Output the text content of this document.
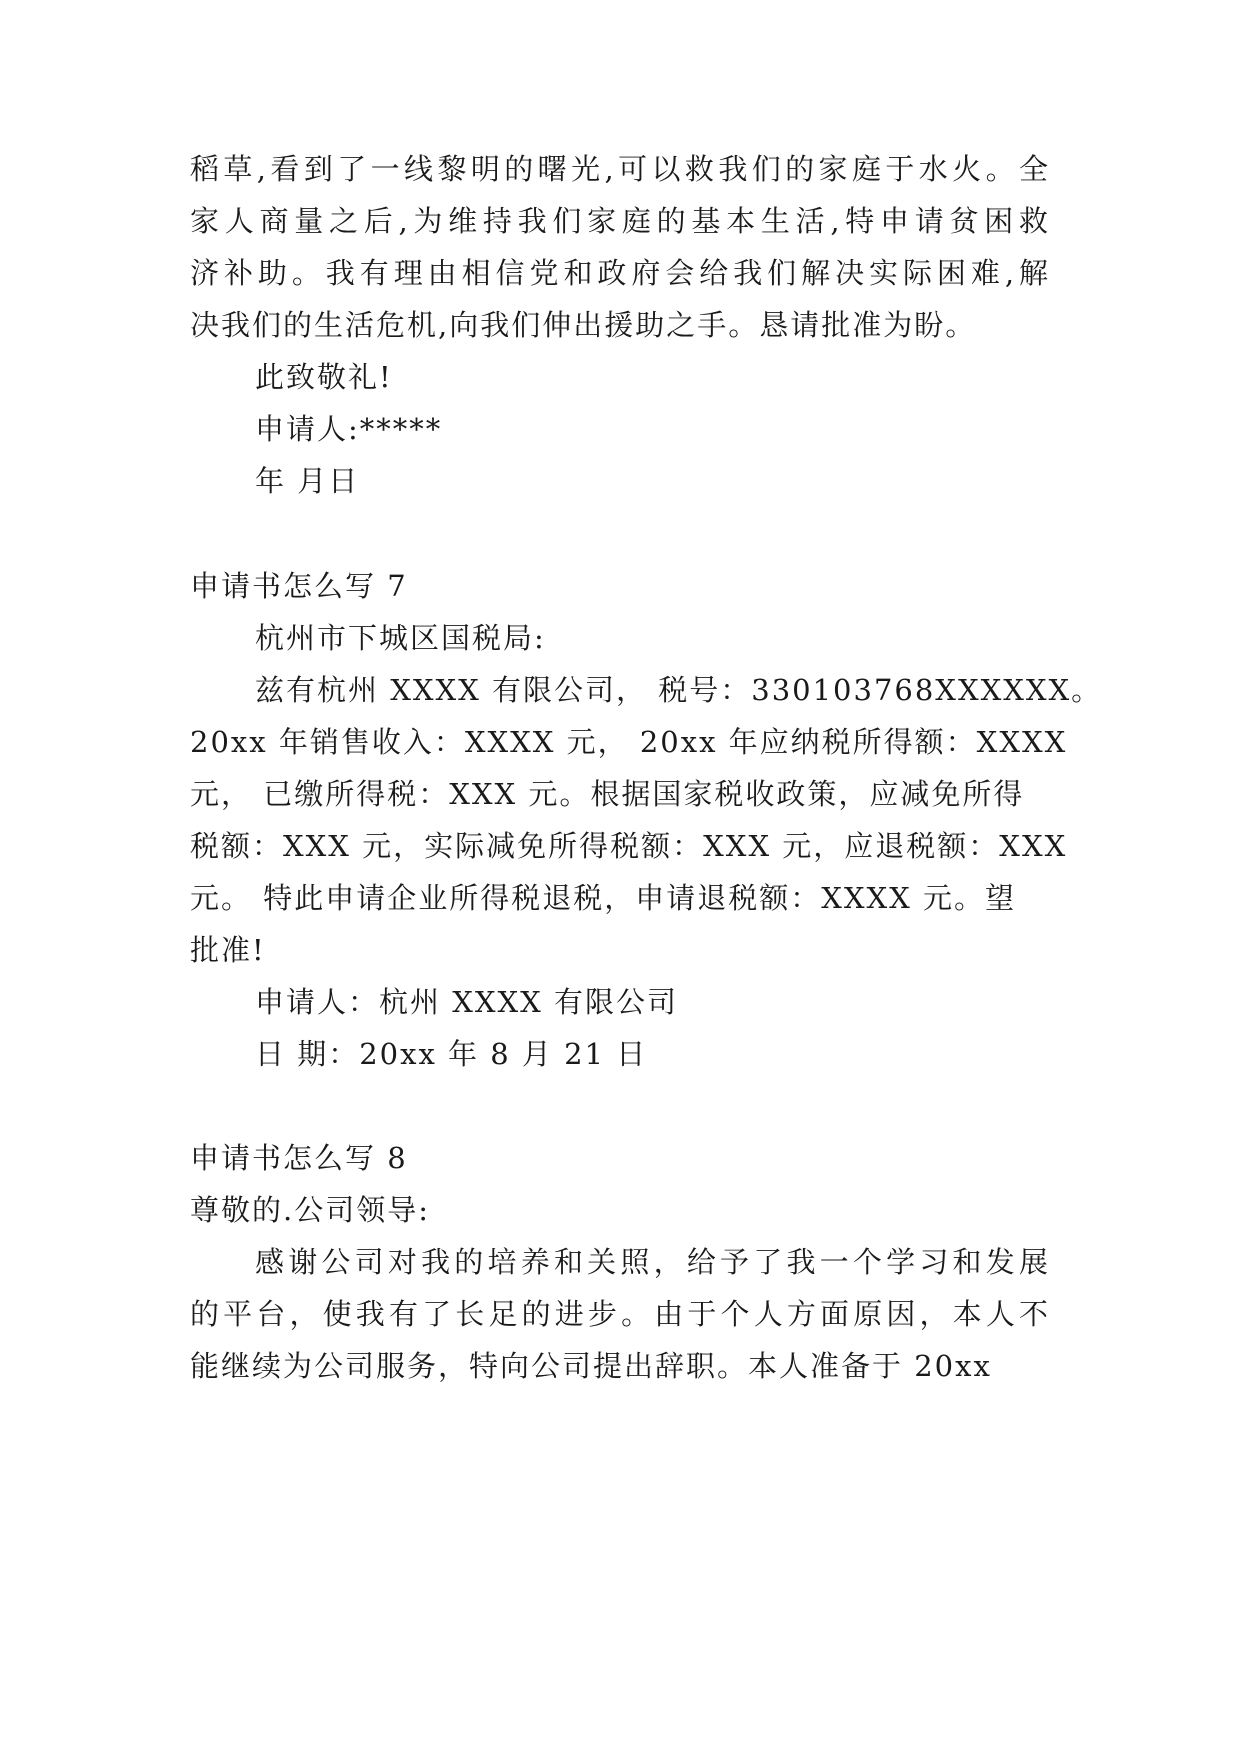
稻草,看到了一线黎明的曙光,可以救我们的家庭于水火。全
家人商量之后,为维持我们家庭的基本生活,特申请贫困救
济补助。我有理由相信党和政府会给我们解决实际困难,解
决我们的生活危机,向我们伸出援助之手。恳请批准为盼。
此致敬礼!
申请人:*****
年 月日
申请书怎么写 7
杭州市下城区国税局:
兹有杭州 XXXX 有限公司， 税号：330103768XXXXXX。
20xx 年销售收入：XXXX 元， 20xx 年应纳税所得额：XXXX
元， 已缴所得税：XXX 元。根据国家税收政策，应减免所得
税额：XXX 元，实际减免所得税额：XXX 元，应退税额：XXX
元。 特此申请企业所得税退税，申请退税额：XXXX 元。望
批准!
申请人：杭州 XXXX 有限公司
日 期：20xx 年 8 月 21 日
申请书怎么写 8
尊敬的.公司领导:
感谢公司对我的培养和关照，给予了我一个学习和发展
的平台，使我有了长足的进步。由于个人方面原因，本人不
能继续为公司服务，特向公司提出辞职。本人准备于 20xx
